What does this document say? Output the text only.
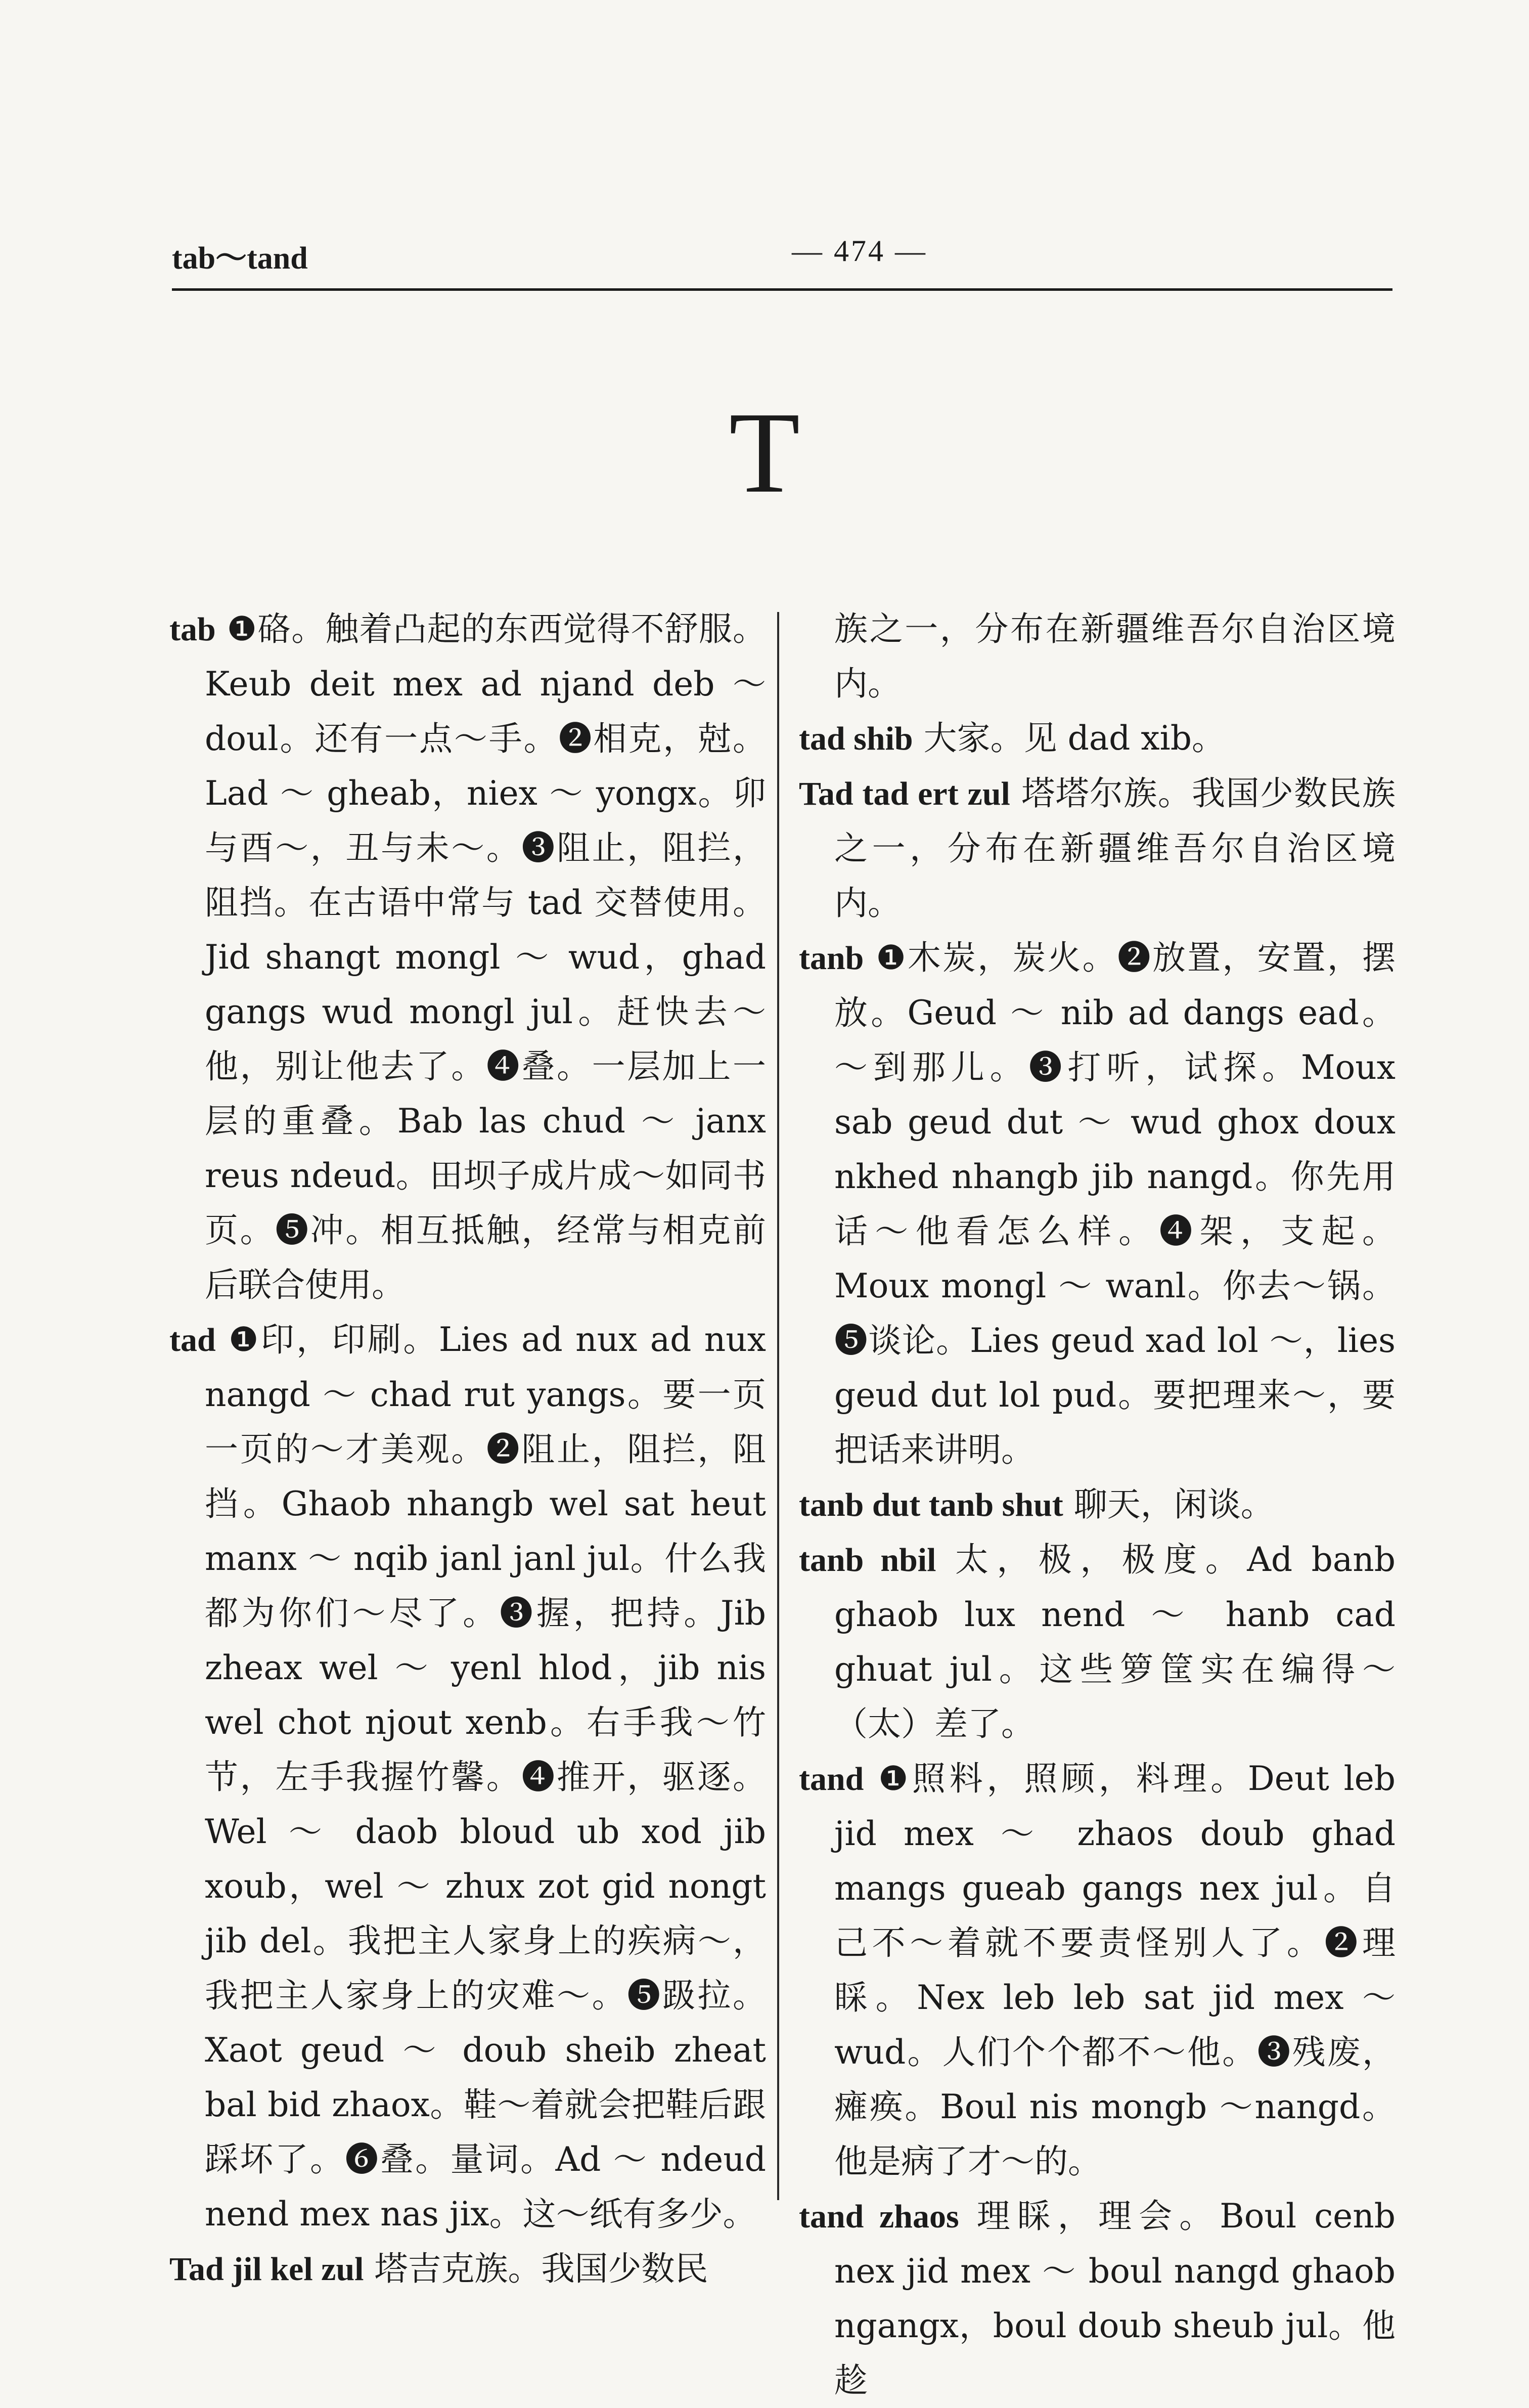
tab～tand	— 474 —
T

tab ❶硌。触着凸起的东西觉得不舒服。Keub deit mex ad njand deb ～ doul。还有一点～手。❷相克，尅。Lad ～ gheab，niex ～ yongx。卯与酉～，丑与未～。❸阻止，阻拦，阻挡。在古语中常与 tad 交替使用。Jid shangt mongl ～ wud，ghad gangs wud mongl jul。赶快去～他，别让他去了。❹叠。一层加上一层的重叠。Bab las chud ～ janx reus ndeud。田坝子成片成～如同书页。❺冲。相互抵触，经常与相克前后联合使用。

tad ❶印，印刷。Lies ad nux ad nux nangd ～ chad rut yangs。要一页一页的～才美观。❷阻止，阻拦，阻挡。Ghaob nhangb wel sat heut manx ～ nqib janl janl jul。什么我都为你们～尽了。❸握，把持。Jib zheax wel ～ yenl hlod，jib nis wel chot njout xenb。右手我～竹节，左手我握竹馨。❹推开，驱逐。Wel ～ daob bloud ub xod jib xoub，wel ～ zhux zot gid nongt jib del。我把主人家身上的疾病～，我把主人家身上的灾难～。❺趿拉。Xaot geud ～ doub sheib zheat bal bid zhaox。鞋～着就会把鞋后跟踩坏了。❻叠。量词。Ad ～ ndeud nend mex nas jix。这～纸有多少。

Tad jil kel zul 塔吉克族。我国少数民

族之一，分布在新疆维吾尔自治区境内。

tad shib 大家。见 dad xib。

Tad tad ert zul 塔塔尔族。我国少数民族之一，分布在新疆维吾尔自治区境内。

tanb ❶木炭，炭火。❷放置，安置，摆放。Geud ～ nib ad dangs ead。～到那儿。❸打听，试探。Moux sab geud dut ～ wud ghox doux nkhed nhangb jib nangd。你先用话～他看怎么样。❹架，支起。Moux mongl ～ wanl。你去～锅。❺谈论。Lies geud xad lol ～，lies geud dut lol pud。要把理来～，要把话来讲明。

tanb dut tanb shut 聊天，闲谈。

tanb nbil 太，极，极度。Ad banb ghaob lux nend ～ hanb cad ghuat jul。这些箩筐实在编得～（太）差了。

tand ❶照料，照顾，料理。Deut leb jid mex ～ zhaos doub ghad mangs gueab gangs nex jul。自己不～着就不要责怪别人了。❷理睬。Nex leb leb sat jid mex ～ wud。人们个个都不～他。❸残废，瘫痪。Boul nis mongb ～nangd。他是病了才～的。

tand zhaos 理睬，理会。Boul cenb nex jid mex ～ boul nangd ghaob ngangx，boul doub sheub jul。他趁
